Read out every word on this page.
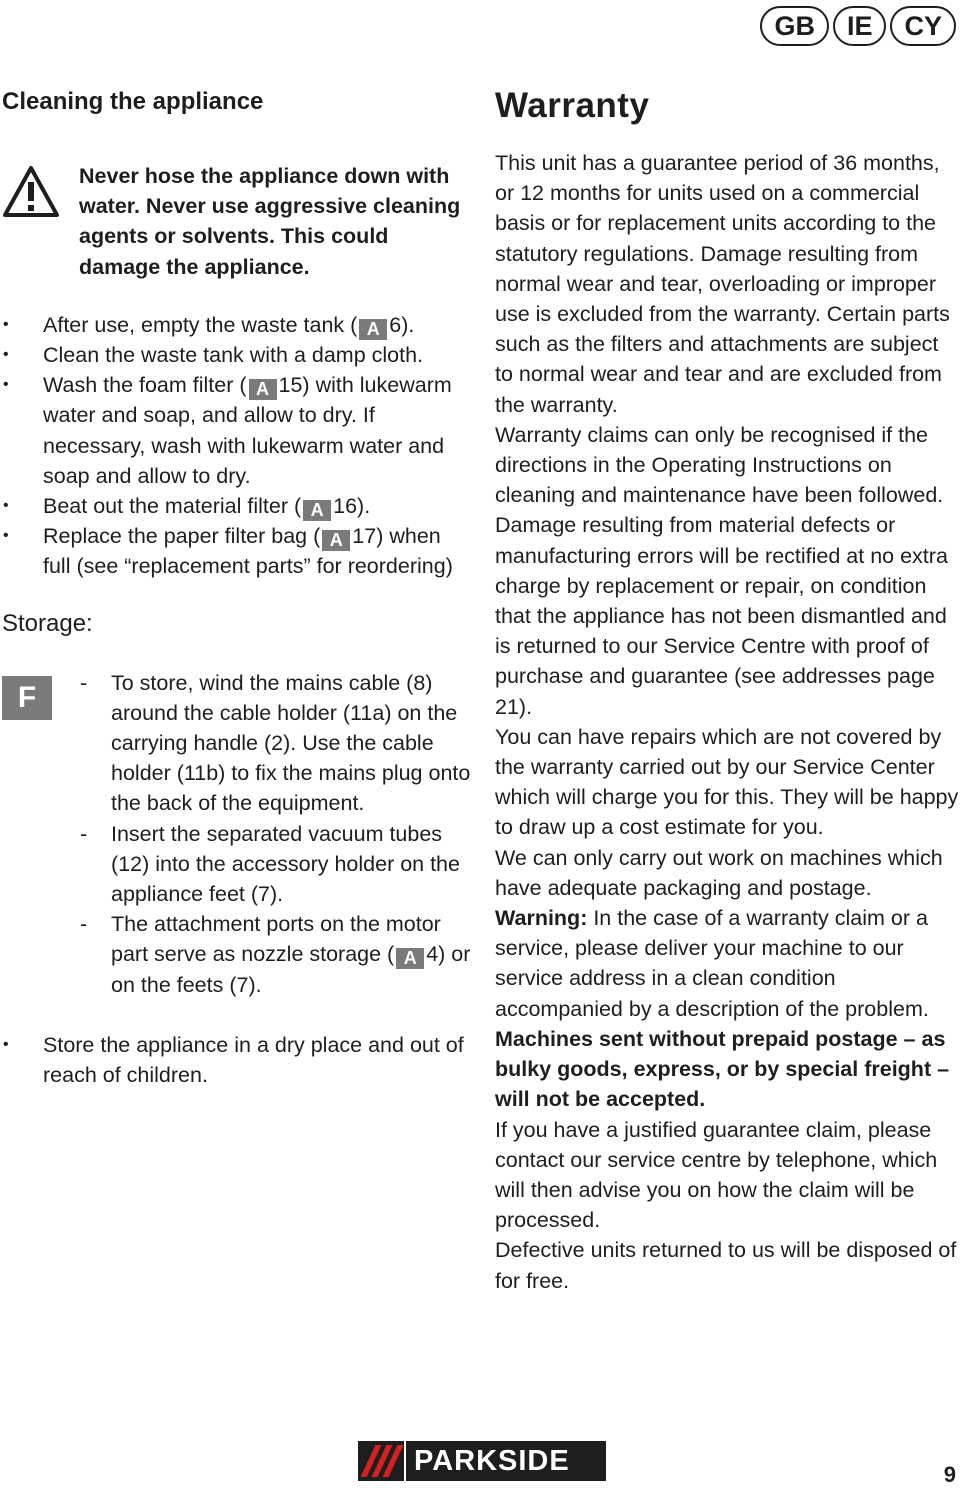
GB	IE	CY
Cleaning the appliance
Never hose the appliance down with water. Never use aggressive cleaning agents or solvents. This could damage the appliance.
• After use, empty the waste tank ( A 6).
• Clean the waste tank with a damp cloth.
• Wash the foam filter ( A 15) with lukewarm water and soap, and allow to dry. If necessary, wash with lukewarm water and soap and allow to dry.
• Beat out the material filter ( A 16).
• Replace the paper filter bag ( A 17) when full (see “replacement parts” for reordering)
Storage:
F
-	To store, wind the mains cable (8) around the cable holder (11a) on the carrying handle (2). Use the cable holder (11b) to fix the mains plug onto the back of the equipment.
- Insert the separated vacuum tubes (12) into the accessory holder on the appliance feet (7).
- The attachment ports on the motor part serve as nozzle storage ( A 4) or on the feets (7).
• Store the appliance in a dry place and out of reach of children.
Warranty

This unit has a guarantee period of 36 months, or 12 months for units used on a commercial basis or for replacement units according to the statutory regulations. Damage resulting from normal wear and tear, overloading or improper use is excluded from the warranty. Certain parts such as the filters and attachments are subject to normal wear and tear and are excluded from the warranty.

Warranty claims can only be recognised if the directions in the Operating Instructions on cleaning and maintenance have been followed. Damage resulting from material defects or manufacturing errors will be rectified at no extra charge by replacement or repair, on condition that the appliance has not been dismantled and is returned to our Service Centre with proof of purchase and guarantee (see addresses page 21).

You can have repairs which are not covered by the warranty carried out by our Service Center which will charge you for this. They will be happy to draw up a cost estimate for you.

We can only carry out work on machines which have adequate packaging and postage.

Warning: In the case of a warranty claim or a service, please deliver your machine to our service address in a clean condition accompanied by a description of the problem.

Machines sent without prepaid postage – as bulky goods, express, or by special freight – will not be accepted.

If you have a justified guarantee claim, please contact our service centre by telephone, which will then advise you on how the claim will be processed.

Defective units returned to us will be disposed of for free.

PARKSIDE	9
